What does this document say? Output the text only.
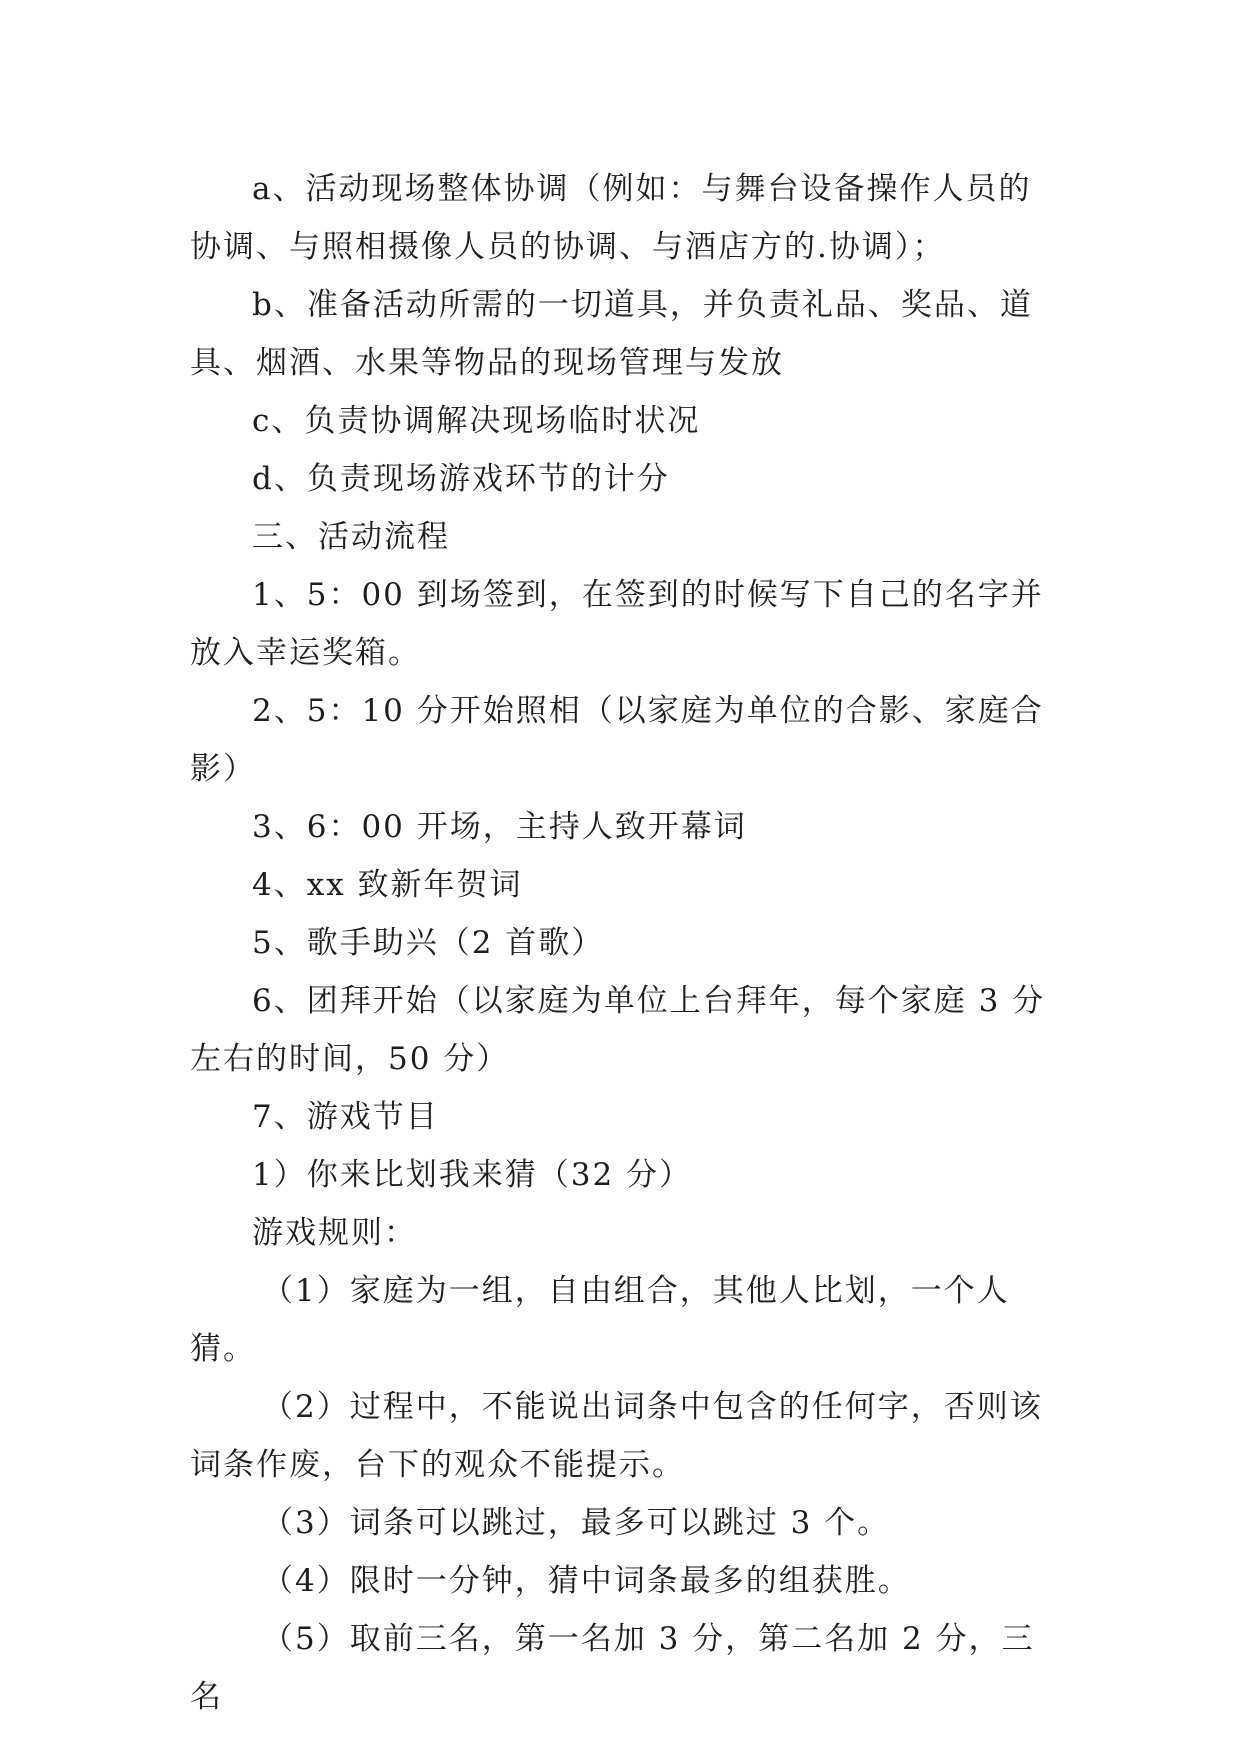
a、活动现场整体协调（例如：与舞台设备操作人员的协调、与照相摄像人员的协调、与酒店方的.协调）；

b、准备活动所需的一切道具，并负责礼品、奖品、道具、烟酒、水果等物品的现场管理与发放

c、负责协调解决现场临时状况

d、负责现场游戏环节的计分

三、活动流程

1、5：00 到场签到，在签到的时候写下自己的名字并放入幸运奖箱。

2、5：10 分开始照相（以家庭为单位的合影、家庭合影）

3、6：00 开场，主持人致开幕词

4、xx 致新年贺词

5、歌手助兴（2 首歌）

6、团拜开始（以家庭为单位上台拜年，每个家庭 3 分左右的时间，50 分）

7、游戏节目

1）你来比划我来猜（32 分）

游戏规则：

（1）家庭为一组，自由组合，其他人比划，一个人猜。

（2）过程中，不能说出词条中包含的任何字，否则该词条作废，台下的观众不能提示。

（3）词条可以跳过，最多可以跳过 3 个。

（4）限时一分钟，猜中词条最多的组获胜。

（5）取前三名，第一名加 3 分，第二名加 2 分，三名
